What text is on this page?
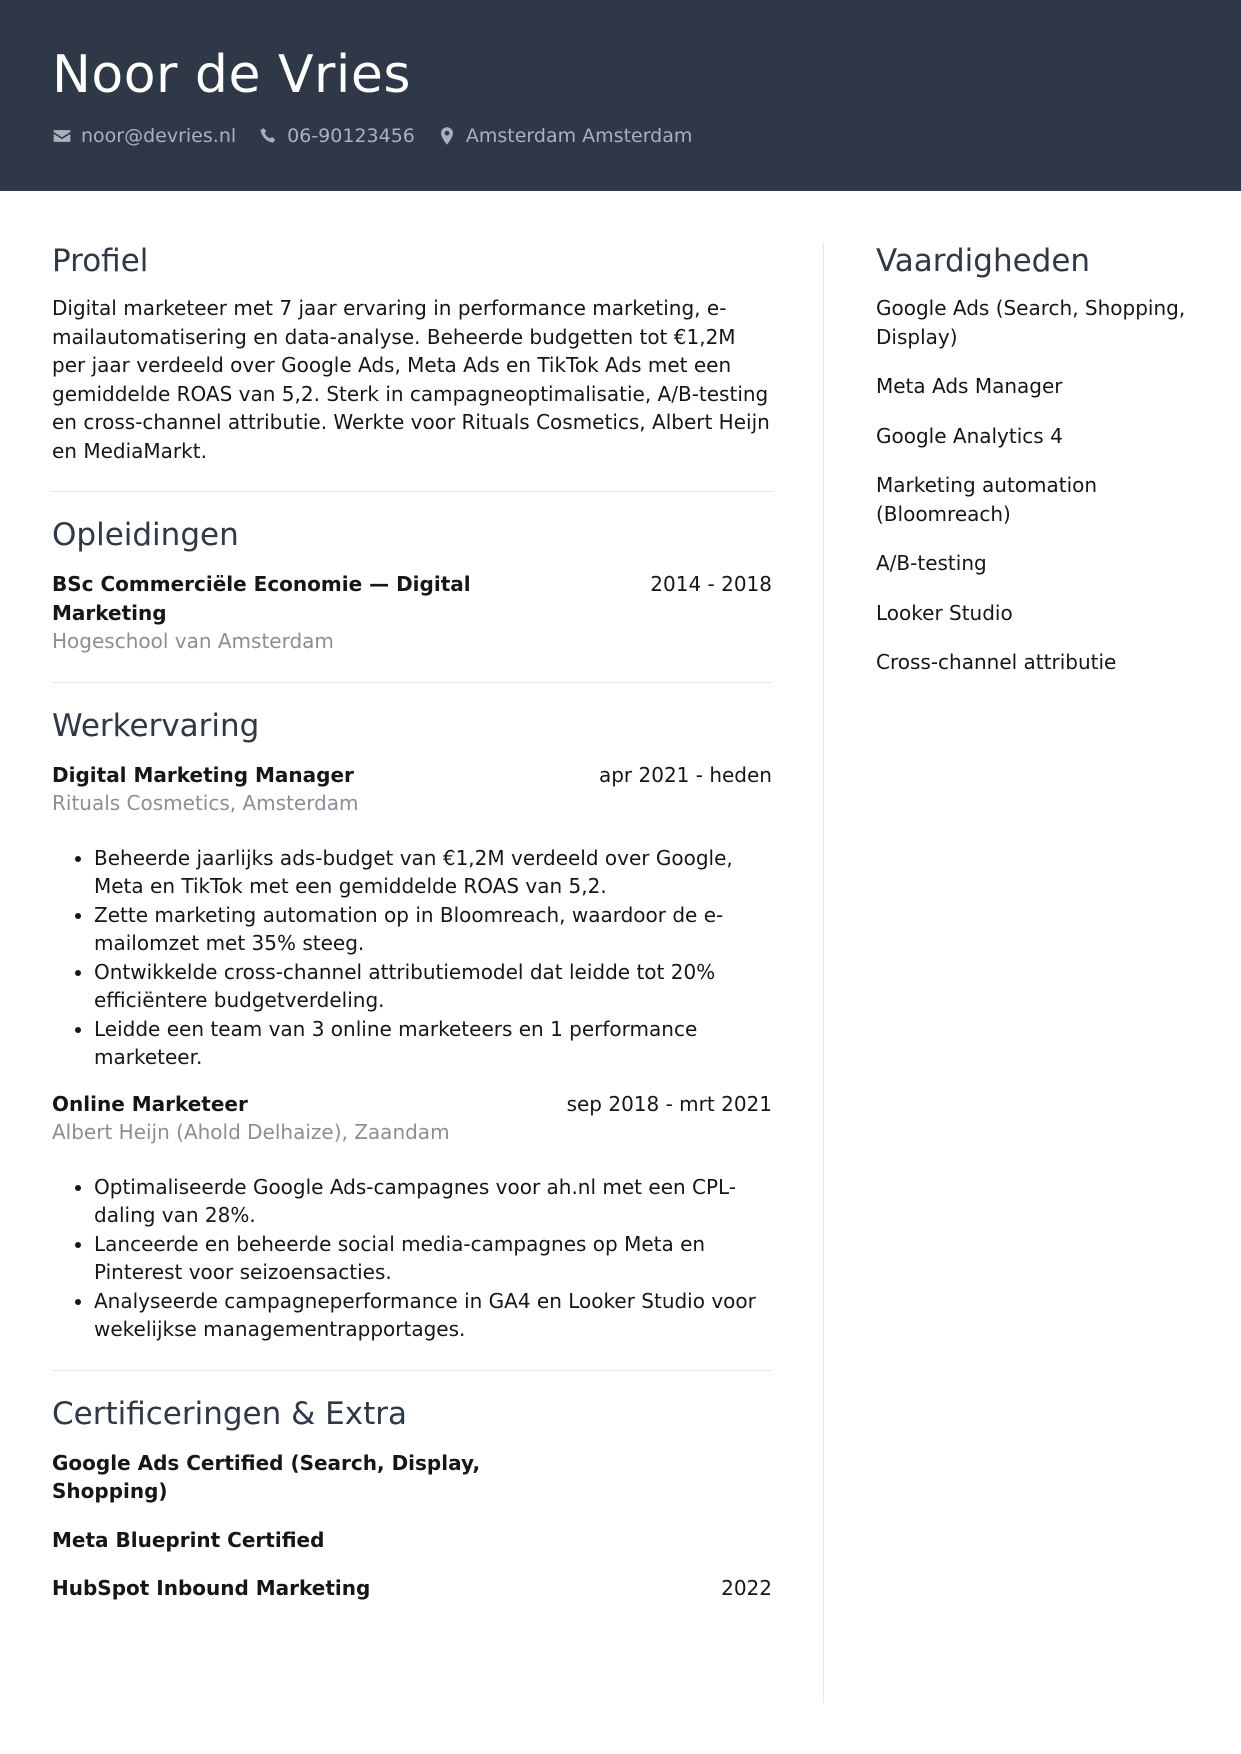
Noor de Vries
noor@devries.nl	06-90123456	Amsterdam Amsterdam
Profiel
Digital marketeer met 7 jaar ervaring in performance marketing, e-mailautomatisering en data-analyse. Beheerde budgetten tot €1,2M per jaar verdeeld over Google Ads, Meta Ads en TikTok Ads met een gemiddelde ROAS van 5,2. Sterk in campagneoptimalisatie, A/B-testing en cross-channel attributie. Werkte voor Rituals Cosmetics, Albert Heijn en MediaMarkt.
Opleidingen
BSc Commerciële Economie — Digital Marketing
2014 - 2018
Hogeschool van Amsterdam
Werkervaring
Digital Marketing Manager	apr 2021 - heden
Rituals Cosmetics, Amsterdam
• Beheerde jaarlijks ads-budget van €1,2M verdeeld over Google, Meta en TikTok met een gemiddelde ROAS van 5,2.
• Zette marketing automation op in Bloomreach, waardoor de e-mailomzet met 35% steeg.
• Ontwikkelde cross-channel attributiemodel dat leidde tot 20% efficiëntere budgetverdeling.
• Leidde een team van 3 online marketeers en 1 performance marketeer.
Online Marketeer	sep 2018 - mrt 2021
Albert Heijn (Ahold Delhaize), Zaandam
• Optimaliseerde Google Ads-campagnes voor ah.nl met een CPL-daling van 28%.
• Lanceerde en beheerde social media-campagnes op Meta en Pinterest voor seizoensacties.
• Analyseerde campagneperformance in GA4 en Looker Studio voor wekelijkse managementrapportages.
Certificeringen & Extra
Google Ads Certified (Search, Display, Shopping)
Meta Blueprint Certified
HubSpot Inbound Marketing	2022
Vaardigheden
Google Ads (Search, Shopping, Display)
Meta Ads Manager
Google Analytics 4
Marketing automation (Bloomreach)
A/B-testing
Looker Studio
Cross-channel attributie
